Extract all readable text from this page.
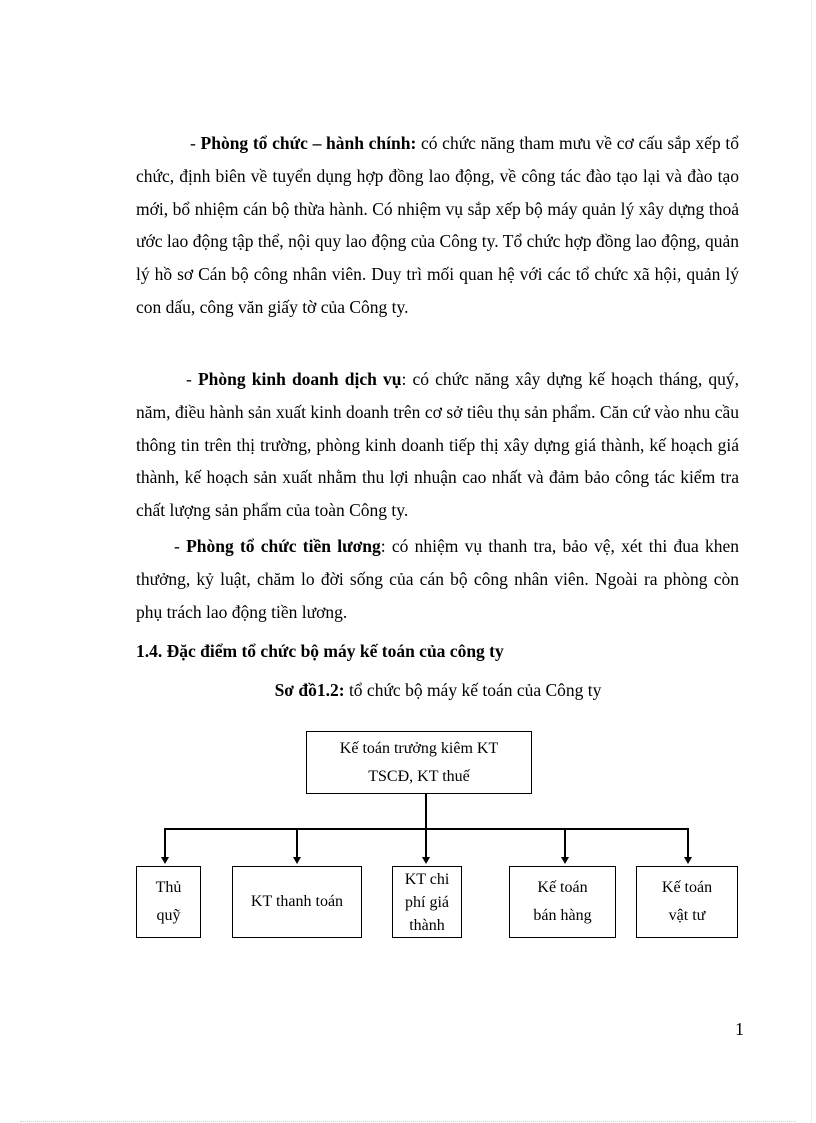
- Phòng tổ chức – hành chính: có chức năng tham mưu về cơ cấu sắp xếp tổ chức, định biên về tuyển dụng hợp đồng lao động, về công tác đào tạo lại và đào tạo mới, bổ nhiệm cán bộ thừa hành. Có nhiệm vụ sắp xếp bộ máy quản lý xây dựng thoả ước lao động tập thể, nội quy lao động của Công ty. Tổ chức hợp đồng lao động, quản lý hồ sơ Cán bộ công nhân viên. Duy trì mối quan hệ với các tổ chức xã hội, quản lý con dấu, công văn giấy tờ của Công ty.

- Phòng kinh doanh dịch vụ: có chức năng xây dựng kế hoạch tháng, quý, năm, điều hành sản xuất kinh doanh trên cơ sở tiêu thụ sản phẩm. Căn cứ vào nhu cầu thông tin trên thị trường, phòng kinh doanh tiếp thị xây dựng giá thành, kế hoạch giá thành, kế hoạch sản xuất nhằm thu lợi nhuận cao nhất và đảm bảo công tác kiểm tra chất lượng sản phẩm của toàn Công ty.

- Phòng tổ chức tiền lương: có nhiệm vụ thanh tra, bảo vệ, xét thi đua khen thưởng, kỷ luật, chăm lo đời sống của cán bộ công nhân viên. Ngoài ra phòng còn phụ trách lao động tiền lương.

1.4. Đặc điểm tổ chức bộ máy kế toán của công ty

Sơ đồ1.2: tổ chức bộ máy kế toán của Công ty

Kế toán trưởng kiêm KT
TSCĐ, KT thuế
Thủ
quỹ
KT thanh toán
KT chi
phí giá
thành
Kế toán
bán hàng
Kế toán
vật tư
1
